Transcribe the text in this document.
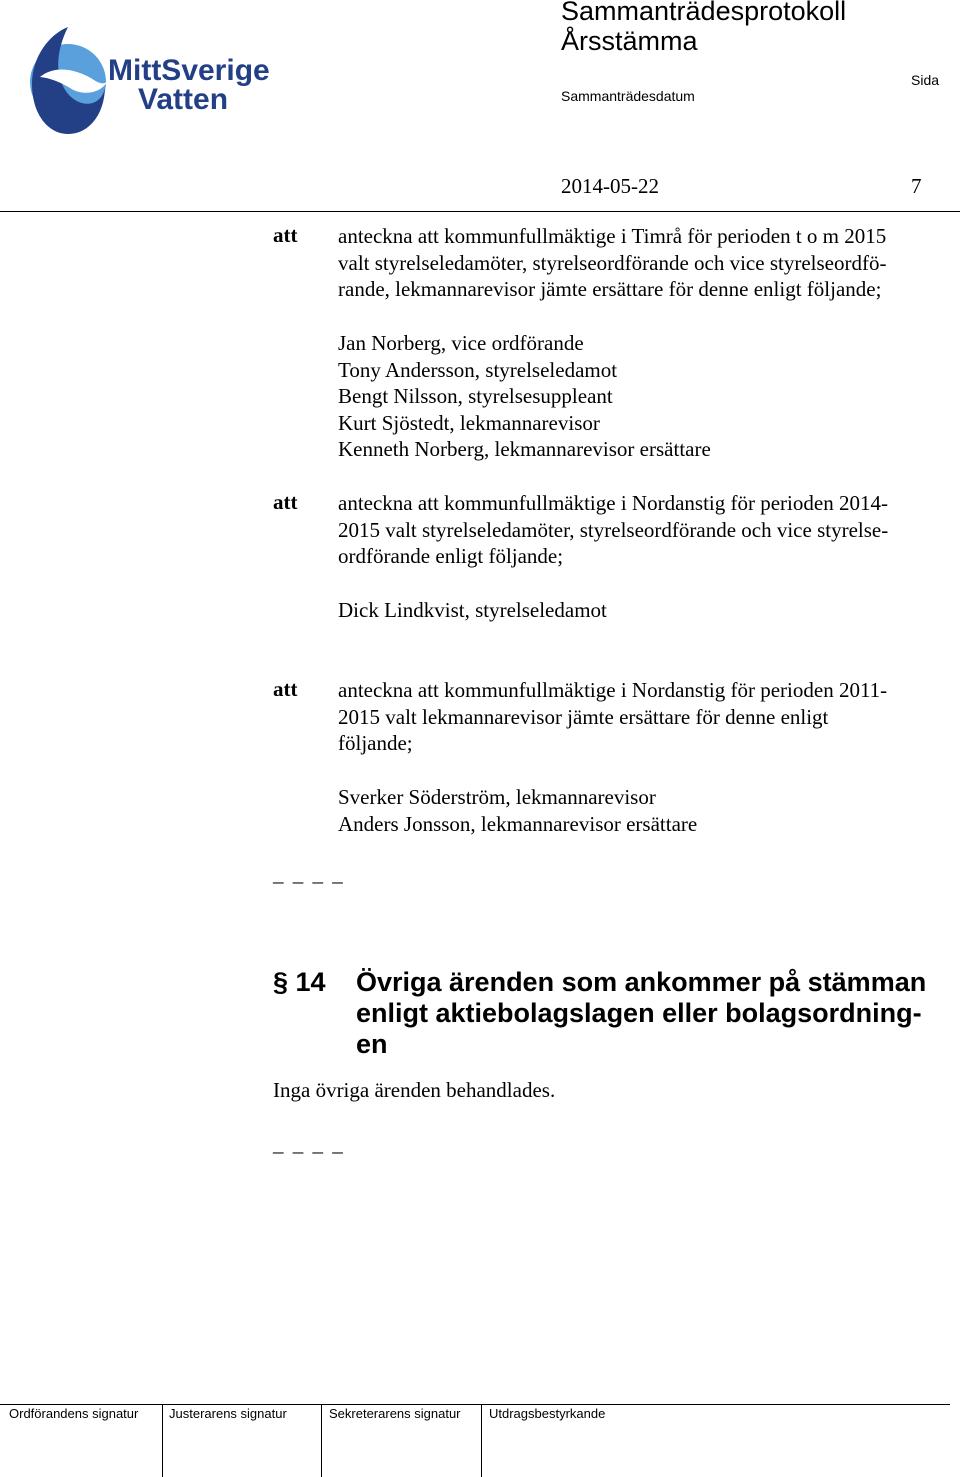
MittSverige
Vatten
Sammanträdesprotokoll
Årsstämma
Sida
Sammanträdesdatum
2014-05-22	7
att anteckna att kommunfullmäktige i Timrå för perioden t o m 2015
valt styrelseledamöter, styrelseordförande och vice styrelseordfö-
rande, lekmannarevisor jämte ersättare för denne enligt följande;
Jan Norberg, vice ordförande
Tony Andersson, styrelseledamot
Bengt Nilsson, styrelsesuppleant
Kurt Sjöstedt, lekmannarevisor
Kenneth Norberg, lekmannarevisor ersättare
att anteckna att kommunfullmäktige i Nordanstig för perioden 2014-
2015 valt styrelseledamöter, styrelseordförande och vice styrelse-
ordförande enligt följande;
Dick Lindkvist, styrelseledamot
att anteckna att kommunfullmäktige i Nordanstig för perioden 2011-
2015 valt lekmannarevisor jämte ersättare för denne enligt
följande;
Sverker Söderström, lekmannarevisor
Anders Jonsson, lekmannarevisor ersättare
_ _ _ _
§ 14 Övriga ärenden som ankommer på stämman
enligt aktiebolagslagen eller bolagsordning-
en
Inga övriga ärenden behandlades.
_ _ _ _
Ordförandens signatur Justerarens signatur	Sekreterarens signatur Utdragsbestyrkande
